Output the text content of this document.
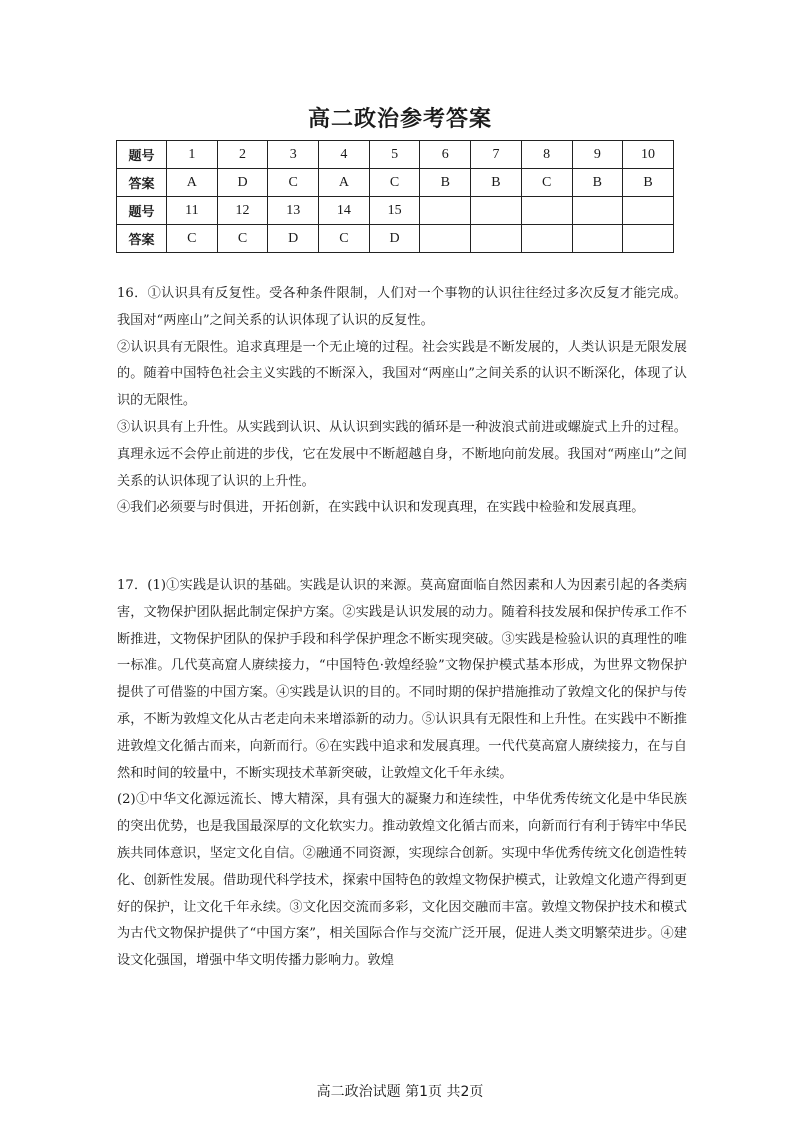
高二政治参考答案
题号	1	2	3	4	5	6	7	8	9	10
答案	A	D	C	A	C	B	B	C	B	B
题号	11	12	13	14	15					
答案	C	C	D	C	D					

16．①认识具有反复性。受各种条件限制，人们对一个事物的认识往往经过多次反复才能完成。我国对“两座山”之间关系的认识体现了认识的反复性。

②认识具有无限性。追求真理是一个无止境的过程。社会实践是不断发展的，人类认识是无限发展的。随着中国特色社会主义实践的不断深入，我国对“两座山”之间关系的认识不断深化，体现了认识的无限性。

③认识具有上升性。从实践到认识、从认识到实践的循环是一种波浪式前进或螺旋式上升的过程。真理永远不会停止前进的步伐，它在发展中不断超越自身，不断地向前发展。我国对“两座山”之间关系的认识体现了认识的上升性。

④我们必须要与时俱进，开拓创新，在实践中认识和发现真理，在实践中检验和发展真理。

17．(1)①实践是认识的基础。实践是认识的来源。莫高窟面临自然因素和人为因素引起的各类病害，文物保护团队据此制定保护方案。②实践是认识发展的动力。随着科技发展和保护传承工作不断推进，文物保护团队的保护手段和科学保护理念不断实现突破。③实践是检验认识的真理性的唯一标准。几代莫高窟人赓续接力，“中国特色·敦煌经验”文物保护模式基本形成，为世界文物保护提供了可借鉴的中国方案。④实践是认识的目的。不同时期的保护措施推动了敦煌文化的保护与传承，不断为敦煌文化从古老走向未来增添新的动力。⑤认识具有无限性和上升性。在实践中不断推进敦煌文化循古而来，向新而行。⑥在实践中追求和发展真理。一代代莫高窟人赓续接力，在与自然和时间的较量中，不断实现技术革新突破，让敦煌文化千年永续。

(2)①中华文化源远流长、博大精深，具有强大的凝聚力和连续性，中华优秀传统文化是中华民族的突出优势，也是我国最深厚的文化软实力。推动敦煌文化循古而来，向新而行有利于铸牢中华民族共同体意识，坚定文化自信。②融通不同资源，实现综合创新。实现中华优秀传统文化创造性转化、创新性发展。借助现代科学技术，探索中国特色的敦煌文物保护模式，让敦煌文化遗产得到更好的保护，让文化千年永续。③文化因交流而多彩，文化因交融而丰富。敦煌文物保护技术和模式为古代文物保护提供了“中国方案”，相关国际合作与交流广泛开展，促进人类文明繁荣进步。④建设文化强国，增强中华文明传播力影响力。敦煌

高二政治试题 第1页 共2页
